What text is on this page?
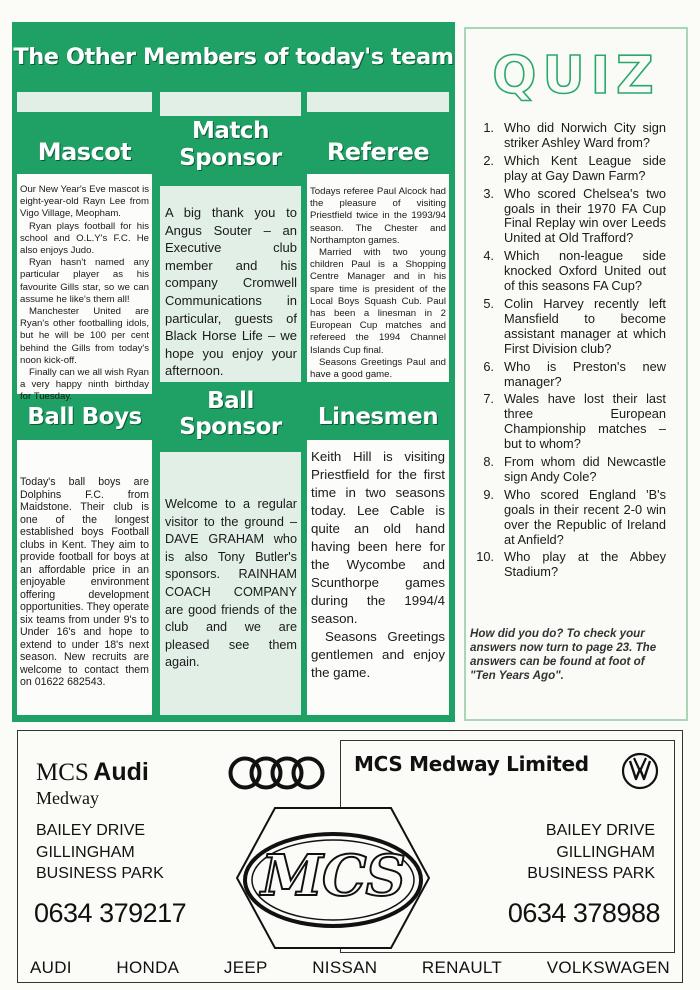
The Other Members of today's team
Mascot

Our New Year's Eve mascot is eight-year-old Rayn Lee from Vigo Village, Meopham.

Ryan plays football for his school and O.L.Y's F.C. He also enjoys Judo.

Ryan hasn't named any particular player as his favourite Gills star, so we can assume he like's them all!

Manchester United are Ryan's other footballing idols, but he will be 100 per cent behind the Gills from today's noon kick-off.

Finally can we all wish Ryan a very happy ninth birthday for Tuesday.

Match
Sponsor
A big thank you to Angus Souter – an Executive club member and his company Cromwell Communications in particular, guests of Black Horse Life – we hope you enjoy your afternoon.
Referee

Todays referee Paul Alcock had the pleasure of visiting Priestfield twice in the 1993/94 season. The Chester and Northampton games.

Married with two young children Paul is a Shopping Centre Manager and in his spare time is president of the Local Boys Squash Cub. Paul has been a linesman in 2 European Cup matches and refereed the 1994 Channel Islands Cup final.

Seasons Greetings Paul and have a good game.

Ball Boys
Today's ball boys are Dolphins F.C. from Maidstone. Their club is one of the longest established boys Football clubs in Kent. They aim to provide football for boys at an affordable price in an enjoyable environment offering development opportunities. They operate six teams from under 9's to Under 16's and hope to extend to under 18's next season. New recruits are welcome to contact them on 01622 682543.
Ball
Sponsor
Welcome to a regular visitor to the ground – DAVE GRAHAM who is also Tony Butler's sponsors. RAINHAM COACH COMPANY are good friends of the club and we are pleased see them again.
Linesmen
Keith Hill is visiting Priestfield for the first time in two seasons today. Lee Cable is quite an old hand having been here for the Wycombe and Scunthorpe games during the 1994/4 season.
Seasons Greetings gentlemen and enjoy the game.
QUIZ
1. Who did Norwich City sign striker Ashley Ward from?
2. Which Kent League side play at Gay Dawn Farm?
3. Who scored Chelsea's two goals in their 1970 FA Cup Final Replay win over Leeds United at Old Trafford?
4. Which non-league side knocked Oxford United out of this seasons FA Cup?
5. Colin Harvey recently left Mansfield to become assistant manager at which First Division club?
6. Who is Preston's new manager?
7. Wales have lost their last three European Championship matches – but to whom?
8. From whom did Newcastle sign Andy Cole?
9. Who scored England 'B's goals in their recent 2-0 win over the Republic of Ireland at Anfield?
10. Who play at the Abbey Stadium?
How did you do? To check your answers now turn to page 23. The answers can be found at foot of "Ten Years Ago".
MCS Audi
Medway
BAILEY DRIVE
GILLINGHAM
BUSINESS PARK
0634 379217
MCS Medway Limited
BAILEY DRIVE
GILLINGHAM
BUSINESS PARK
0634 378988
MCS
AUDI	HONDA	JEEP	NISSAN	RENAULT	VOLKSWAGEN
